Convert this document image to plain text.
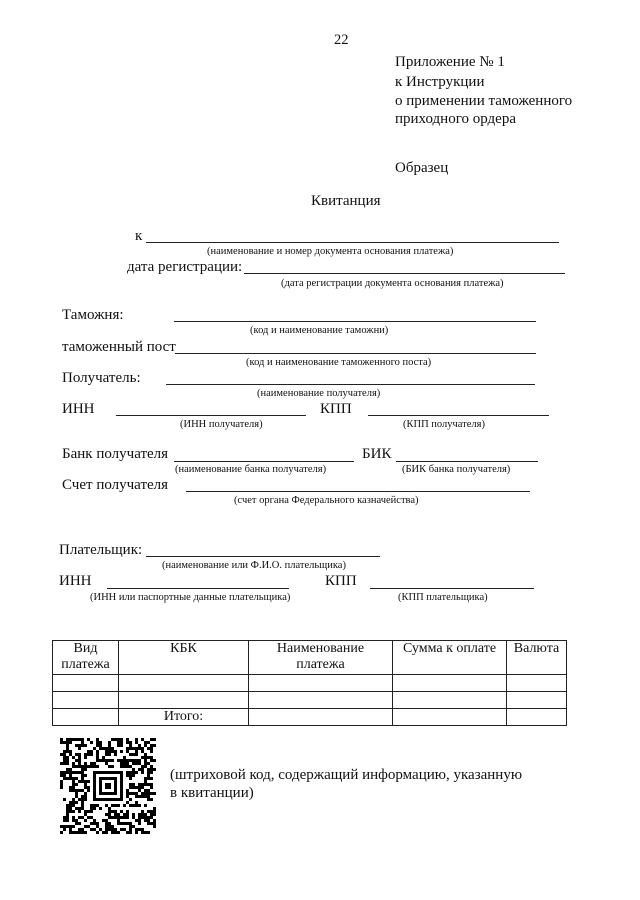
22
Приложение № 1
к Инструкции
о применении таможенного
приходного ордера
Образец
Квитанция
к
(наименование и номер документа основания платежа)
дата регистрации:
(дата регистрации документа основания платежа)
Таможня:
(код и наименование таможни)
таможенный пост
(код и наименование таможенного поста)
Получатель:
(наименование получателя)
ИНН
(ИНН получателя)
КПП
(КПП получателя)
Банк получателя
(наименование банка получателя)
БИК
(БИК банка получателя)
Счет получателя
(счет органа Федерального казначейства)
Плательщик:
(наименование или Ф.И.О. плательщика)
ИНН
(ИНН или паспортные данные плательщика)
КПП
(КПП плательщика)
Вид платежа	КБК	Наименование платежа	Сумма к оплате	Валюта

	Итого:			
(штриховой код, содержащий информацию, указанную
в квитанции)
